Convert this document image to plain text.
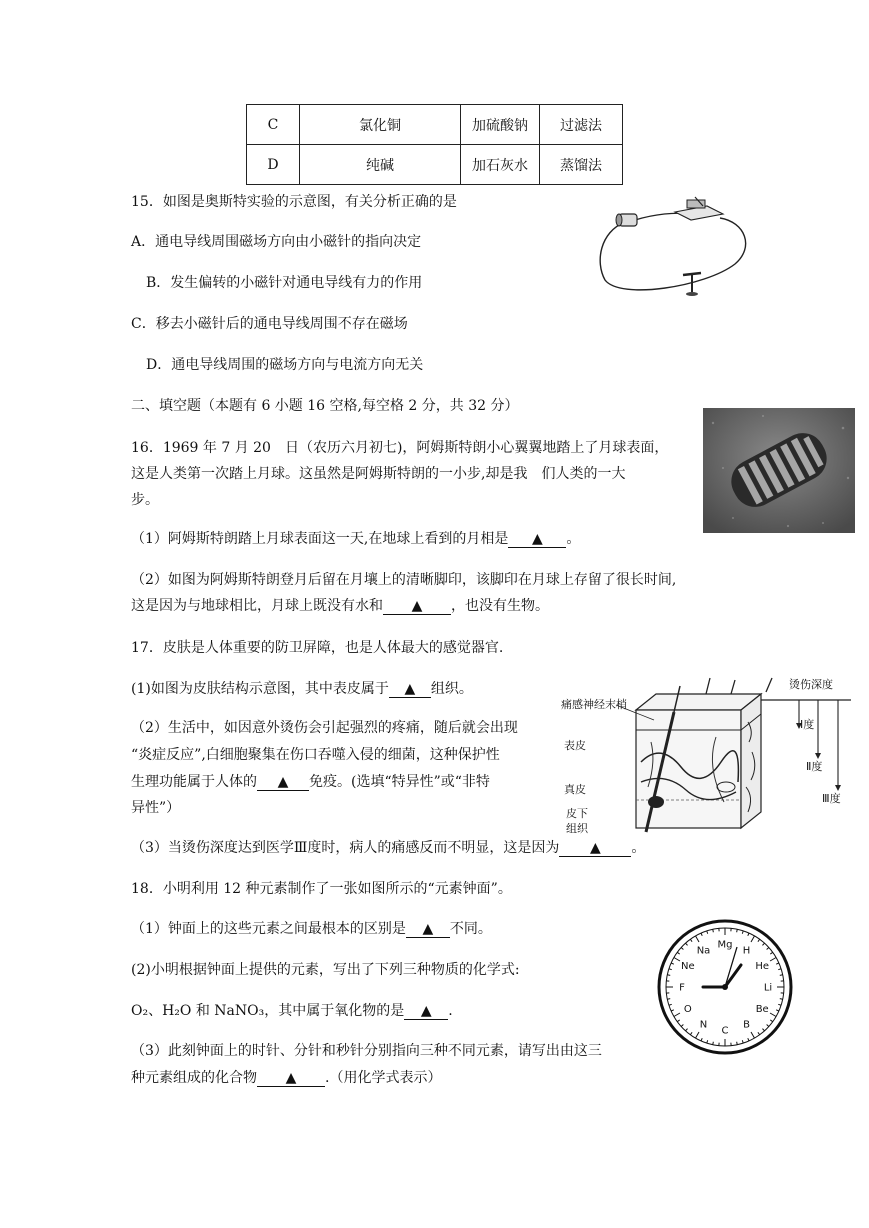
C	氯化铜	加硫酸钠	过滤法
D	纯碱	加石灰水	蒸馏法
15．如图是奥斯特实验的示意图，有关分析正确的是
A．通电导线周围磁场方向由小磁针的指向决定
B．发生偏转的小磁针对通电导线有力的作用
C．移去小磁针后的通电导线周围不存在磁场
D．通电导线周围的磁场方向与电流方向无关
二、填空题（本题有 6 小题 16 空格,每空格 2 分，共 32 分）
16．1969 年 7 月 20　日（农历六月初七)，阿姆斯特朗小心翼翼地踏上了月球表面，
这是人类第一次踏上月球。这虽然是阿姆斯特朗的一小步,却是我　们人类的一大
步。
（1）阿姆斯特朗踏上月球表面这一天,在地球上看到的月相是 ▲ 。
（2）如图为阿姆斯特朗登月后留在月壤上的清晰脚印，该脚印在月球上存留了很长时间,
这是因为与地球相比，月球上既没有水和 ▲ ，也没有生物。
17．皮肤是人体重要的防卫屏障，也是人体最大的感觉器官.
(1)如图为皮肤结构示意图，其中表皮属于 ▲ 组织。
（2）生活中，如因意外烫伤会引起强烈的疼痛，随后就会出现
“炎症反应”,白细胞聚集在伤口吞噬入侵的细菌，这种保护性
生理功能属于人体的 ▲ 免疫。(选填“特异性”或“非特
异性”）
（3）当烫伤深度达到医学Ⅲ度时，病人的痛感反而不明显，这是因为 ▲ 。
痛感神经末梢
表皮
真皮
皮下
组织
烫伤深度
Ⅰ度
Ⅱ度
Ⅲ度
18．小明利用 12 种元素制作了一张如图所示的“元素钟面”。
（1）钟面上的这些元素之间最根本的区别是 ▲ 不同。
(2)小明根据钟面上提供的元素，写出了下列三种物质的化学式:
O₂、H₂O 和 NaNO₃，其中属于氧化物的是 ▲ .
（3）此刻钟面上的时针、分针和秒针分别指向三种不同元素，请写出由这三
种元素组成的化合物 ▲ .（用化学式表示）
H
He
Li
Be
B
C
N
O
F
Ne
Na
Mg
